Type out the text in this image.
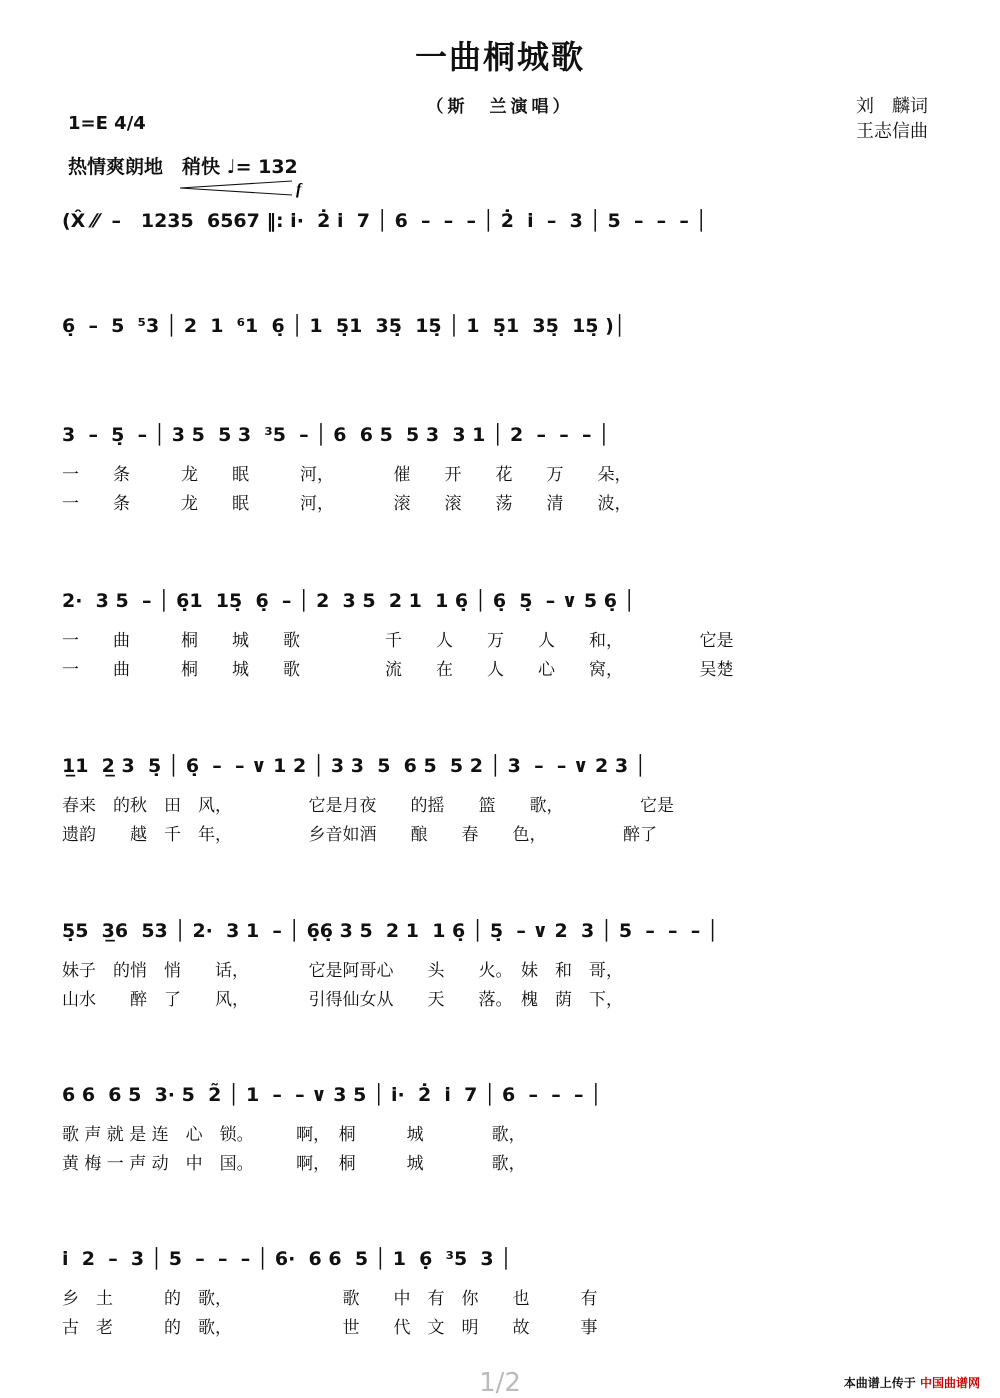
一曲桐城歌
（斯　兰演唱）	刘　麟词
王志信曲
1=E 4/4
热情爽朗地　稍快 ♩= 132
(X̂ ⁄⁄  –   1235  6567 ‖: i·  2̇ i  7 │ 6  –  –  – │ 2̇  i  –  3 │ 5  –  –  – │
6̣  –  5  ⁵3 │ 2  1  ⁶1  6̣ │ 1  5̣1  35̣  15̣ │ 1  5̣1  35̣  15̣ )│
3  –  5̣  – │ 3 5  5 3  ³5  – │ 6  6 5  5 3  3 1 │ 2  –  –  – │
一　　条　　　龙　　眠　　　河，　　　　催　　开　　花　　万　　朵，
一　　条　　　龙　　眠　　　河，　　　　滚　　滚　　荡　　清　　波，
2·  3 5  – │ 6̣1  15̣  6̣  – │ 2  3 5  2 1  1 6̣ │ 6̣  5̣  – ∨ 5 6̣ │
一　　曲　　　桐　　城　　歌　　　　　千　　人　　万　　人　　和，　　　　　它是
一　　曲　　　桐　　城　　歌　　　　　流　　在　　人　　心　　窝，　　　　　吴楚
1̲1  2̲ 3  5̣ │ 6̣  –  – ∨ 1 2 │ 3 3  5  6 5  5 2 │ 3  –  – ∨ 2 3 │
春来　的秋　田　风，　　　　　它是月夜　　的摇　　篮　　歌，　　　　　它是
遗韵　　越　千　年，　　　　　乡音如酒　　酿　　春　　色，　　　　　醉了
5̣5  3̲6  53 │ 2·  3 1  – │ 6̣6̣ 3 5  2 1  1 6̣ │ 5̣  – ∨ 2  3 │ 5  –  –  – │
妹子　的悄　悄　　话，　　　　它是阿哥心　　头　　火。　妹　和　哥，
山水　　醉　了　　风，　　　　引得仙女从　　天　　落。　槐　荫　下，
6 6  6 5  3· 5  2̃ │ 1  –  – ∨ 3 5 │ i·  2̇  i  7 │ 6  –  –  – │
歌 声 就 是 连　心　锁。　　　啊，　桐　　　城　　　　歌，
黄 梅 一 声 动　中　国。　　　啊，　桐　　　城　　　　歌，
i  2  –  3 │ 5  –  –  – │ 6·  6 6  5 │ 1  6̣  ³5  3 │
乡　土　　　的　歌，　　　　　　　歌　　中　有　你　　也　　　有
古　老　　　的　歌，　　　　　　　世　　代　文　明　　故　　　事
f
1/2	本曲谱上传于 中国曲谱网
